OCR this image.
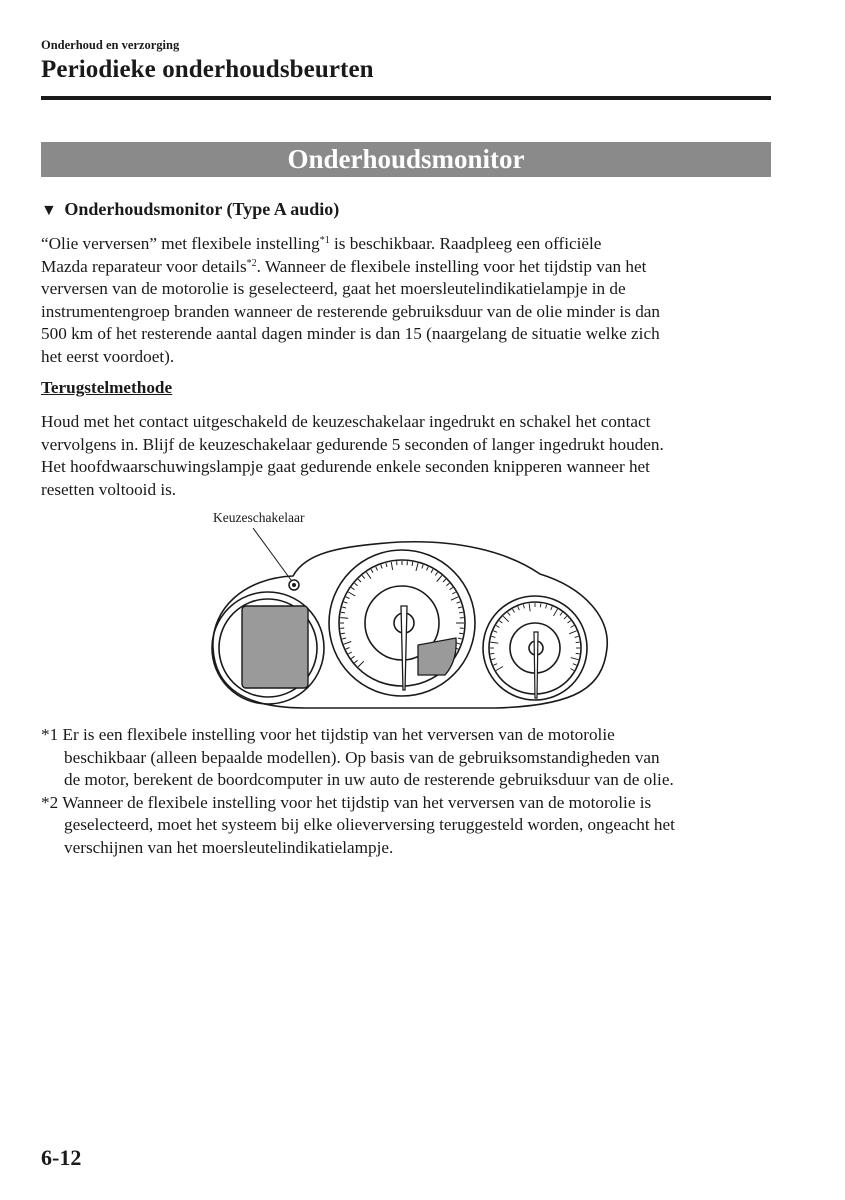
Onderhoud en verzorging
Periodieke onderhoudsbeurten
Onderhoudsmonitor
▼ Onderhoudsmonitor (Type A audio)
“Olie verversen” met flexibele instelling$^{*1}$ is beschikbaar. Raadpleeg een officiële
Mazda reparateur voor details$^{*2}$. Wanneer de flexibele instelling voor het tijdstip van het
verversen van de motorolie is geselecteerd, gaat het moersleutelindikatielampje in de
instrumentengroep branden wanneer de resterende gebruiksduur van de olie minder is dan
500 km of het resterende aantal dagen minder is dan 15 (naargelang de situatie welke zich
het eerst voordoet).
Terugstelmethode
Houd met het contact uitgeschakeld de keuzeschakelaar ingedrukt en schakel het contact
vervolgens in. Blijf de keuzeschakelaar gedurende 5 seconden of langer ingedrukt houden.
Het hoofdwaarschuwingslampje gaat gedurende enkele seconden knipperen wanneer het
resetten voltooid is.
Keuzeschakelaar
*1 Er is een flexibele instelling voor het tijdstip van het verversen van de motorolie
beschikbaar (alleen bepaalde modellen). Op basis van de gebruiksomstandigheden van
de motor, berekent de boordcomputer in uw auto de resterende gebruiksduur van de olie.
*2 Wanneer de flexibele instelling voor het tijdstip van het verversen van de motorolie is
geselecteerd, moet het systeem bij elke olieverversing teruggesteld worden, ongeacht het
verschijnen van het moersleutelindikatielampje.
6-12
